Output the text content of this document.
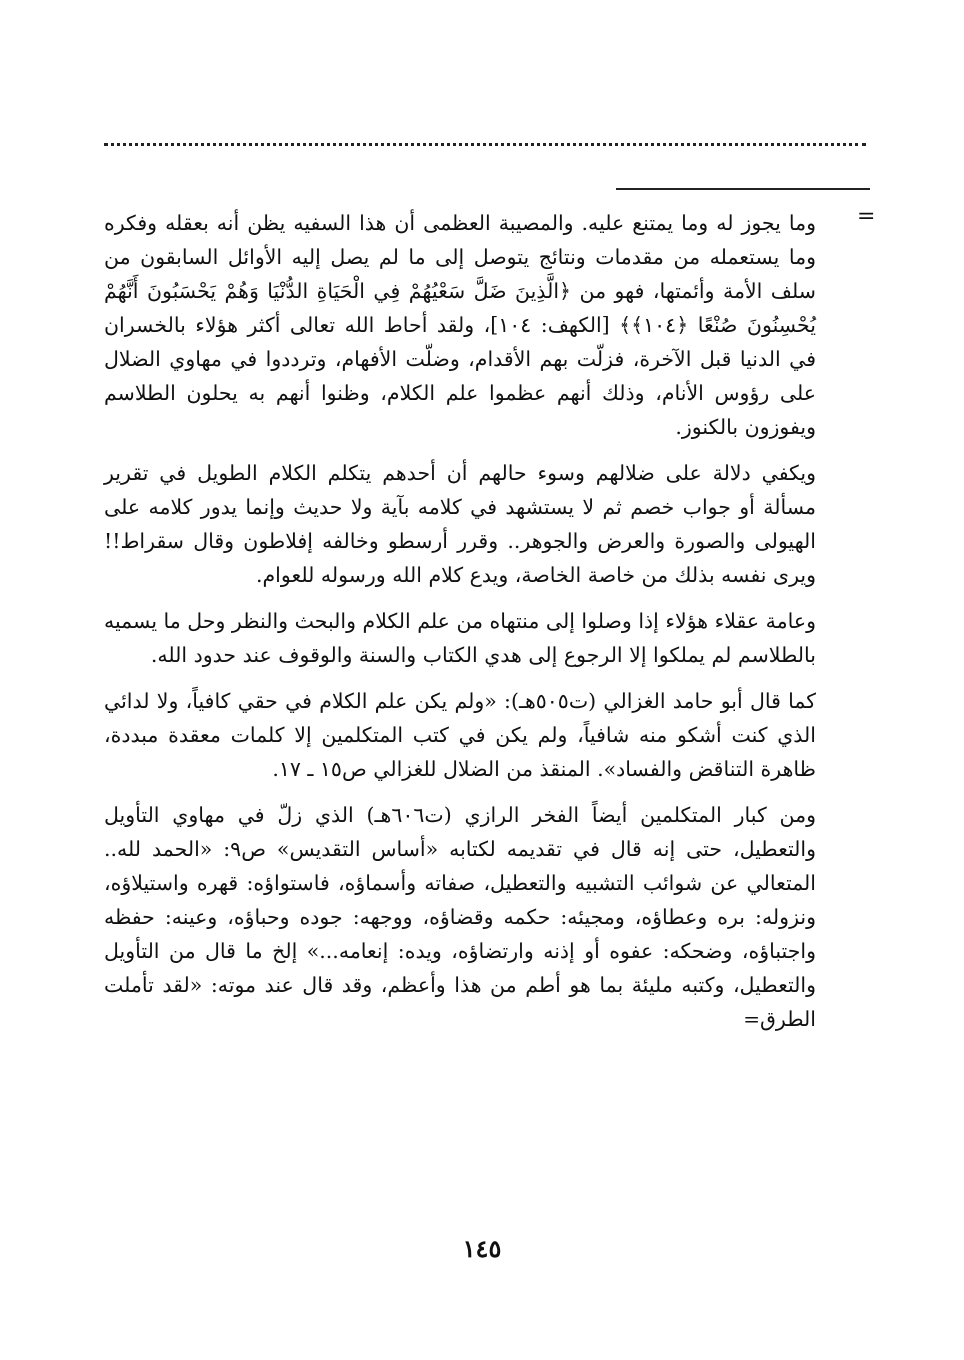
=

وما يجوز له وما يمتنع عليه. والمصيبة العظمى أن هذا السفيه يظن أنه بعقله وفكره وما يستعمله من مقدمات ونتائج يتوصل إلى ما لم يصل إليه الأوائل السابقون من سلف الأمة وأئمتها، فهو من ﴿الَّذِينَ ضَلَّ سَعْيُهُمْ فِي الْحَيَاةِ الدُّنْيَا وَهُمْ يَحْسَبُونَ أَنَّهُمْ يُحْسِنُونَ صُنْعًا ﴿١٠٤﴾﴾ [الكهف: ١٠٤]، ولقد أحاط الله تعالى أكثر هؤلاء بالخسران في الدنيا قبل الآخرة، فزلّت بهم الأقدام، وضلّت الأفهام، وترددوا في مهاوي الضلال على رؤوس الأنام، وذلك أنهم عظموا علم الكلام، وظنوا أنهم به يحلون الطلاسم ويفوزون بالكنوز.

ويكفي دلالة على ضلالهم وسوء حالهم أن أحدهم يتكلم الكلام الطويل في تقرير مسألة أو جواب خصم ثم لا يستشهد في كلامه بآية ولا حديث وإنما يدور كلامه على الهيولى والصورة والعرض والجوهر.. وقرر أرسطو وخالفه إفلاطون وقال سقراط!! ويرى نفسه بذلك من خاصة الخاصة، ويدع كلام الله ورسوله للعوام.

وعامة عقلاء هؤلاء إذا وصلوا إلى منتهاه من علم الكلام والبحث والنظر وحل ما يسميه بالطلاسم لم يملكوا إلا الرجوع إلى هدي الكتاب والسنة والوقوف عند حدود الله.

كما قال أبو حامد الغزالي (ت٥٠٥هـ): «ولم يكن علم الكلام في حقي كافياً، ولا لدائي الذي كنت أشكو منه شافياً، ولم يكن في كتب المتكلمين إلا كلمات معقدة مبددة، ظاهرة التناقض والفساد». المنقذ من الضلال للغزالي ص١٥ ـ ١٧.

ومن كبار المتكلمين أيضاً الفخر الرازي (ت٦٠٦هـ) الذي زلّ في مهاوي التأويل والتعطيل، حتى إنه قال في تقديمه لكتابه «أساس التقديس» ص٩: «الحمد لله.. المتعالي عن شوائب التشبيه والتعطيل، صفاته وأسماؤه، فاستواؤه: قهره واستيلاؤه، ونزوله: بره وعطاؤه، ومجيئه: حكمه وقضاؤه، ووجهه: جوده وحباؤه، وعينه: حفظه واجتباؤه، وضحكه: عفوه أو إذنه وارتضاؤه، ويده: إنعامه...» إلخ ما قال من التأويل والتعطيل، وكتبه مليئة بما هو أطم من هذا وأعظم، وقد قال عند موته: «لقد تأملت الطرق=

١٤٥
